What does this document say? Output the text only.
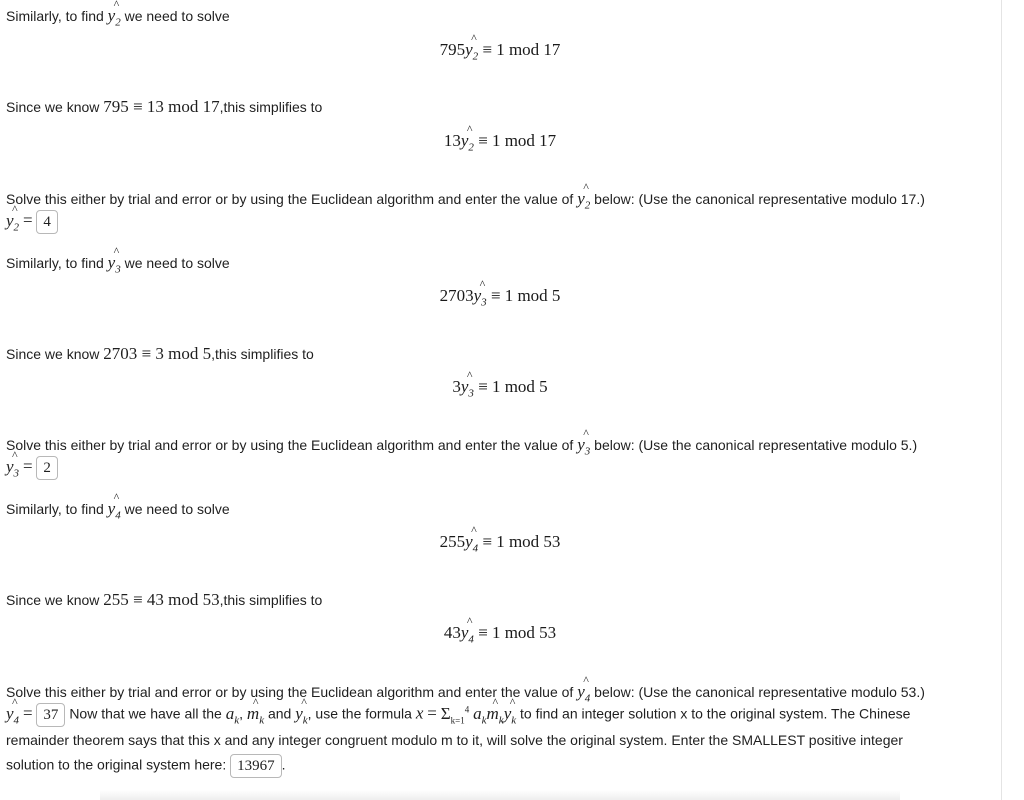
Similarly, to find $y_2$ ^ we need to solve
$795y_2$ ^ ≡ 1 mod 17
Since we know 795 ≡ 13 mod 17,this simplifies to
$13y_2$ ^ ≡ 1 mod 17
Solve this either by trial and error or by using the Euclidean algorithm and enter the value of $y_2$ ^ below: (Use the canonical representative modulo 17.)
$y_2$ ^ = 4
Similarly, to find $y_3$ ^ we need to solve
$2703y_3$ ^ ≡ 1 mod 5
Since we know 2703 ≡ 3 mod 5,this simplifies to
$3y_3$ ^ ≡ 1 mod 5
Solve this either by trial and error or by using the Euclidean algorithm and enter the value of $y_3$ ^ below: (Use the canonical representative modulo 5.)
$y_3$ ^ = 2
Similarly, to find $y_4$ ^ we need to solve
$255y_4$ ^ ≡ 1 mod 53
Since we know 255 ≡ 43 mod 53,this simplifies to
$43y_4$ ^ ≡ 1 mod 53
Solve this either by trial and error or by using the Euclidean algorithm and enter the value of $y_4$ ^ below: (Use the canonical representative modulo 53.)
$y_4$ ^ = 37 Now that we have all the $a_k$, $m_k$ ^ and $y_k$ ^, use the formula $x = \Sigma_{k=1}^4$ $a_km_k$ $\^{}y_k$ ^ to find an integer solution x to the original system. The Chinese
remainder theorem says that this x and any integer congruent modulo m to it, will solve the original system. Enter the SMALLEST positive integer
solution to the original system here: 13967 .
